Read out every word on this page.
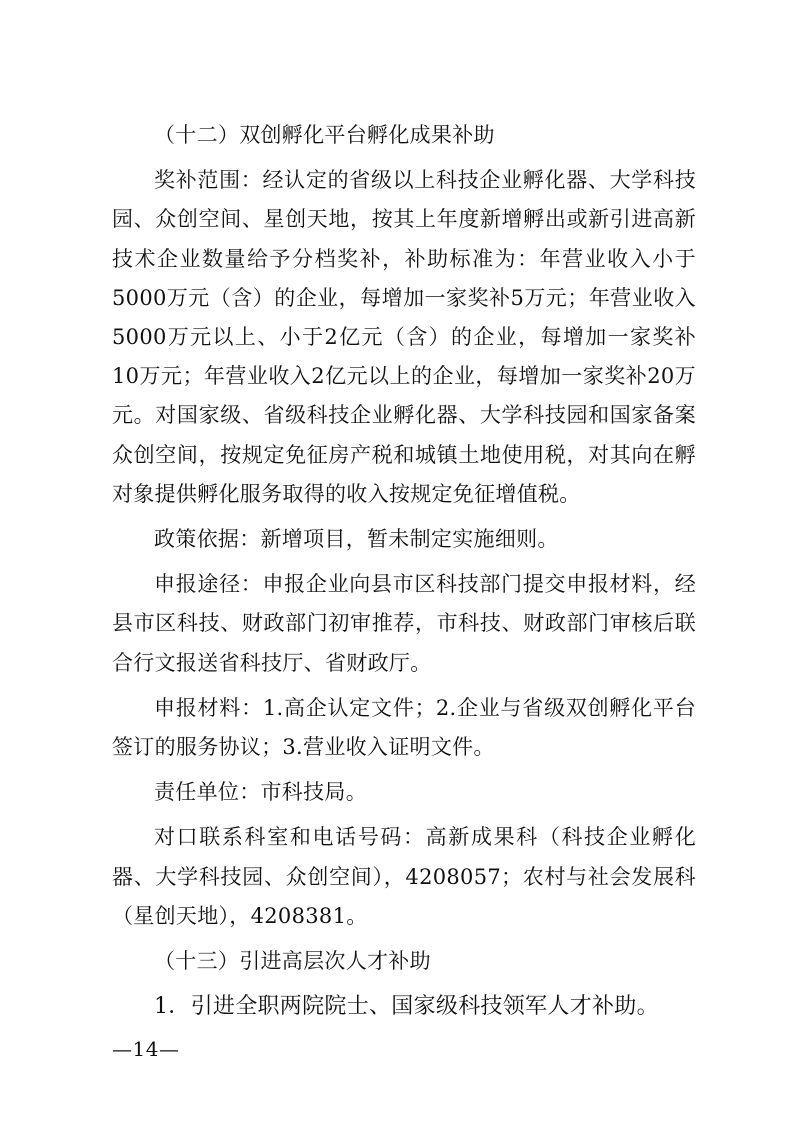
（十二）双创孵化平台孵化成果补助

奖补范围：经认定的省级以上科技企业孵化器、大学科技园、众创空间、星创天地，按其上年度新增孵出或新引进高新技术企业数量给予分档奖补，补助标准为：年营业收入小于5000万元（含）的企业，每增加一家奖补5万元；年营业收入5000万元以上、小于2亿元（含）的企业，每增加一家奖补10万元；年营业收入2亿元以上的企业，每增加一家奖补20万元。对国家级、省级科技企业孵化器、大学科技园和国家备案众创空间，按规定免征房产税和城镇土地使用税，对其向在孵对象提供孵化服务取得的收入按规定免征增值税。

政策依据：新增项目，暂未制定实施细则。

申报途径：申报企业向县市区科技部门提交申报材料，经县市区科技、财政部门初审推荐，市科技、财政部门审核后联合行文报送省科技厅、省财政厅。

申报材料：1.高企认定文件；2.企业与省级双创孵化平台签订的服务协议；3.营业收入证明文件。

责任单位：市科技局。

对口联系科室和电话号码：高新成果科（科技企业孵化器、大学科技园、众创空间），4208057；农村与社会发展科（星创天地），4208381。

（十三）引进高层次人才补助

1．引进全职两院院士、国家级科技领军人才补助。

—14—
